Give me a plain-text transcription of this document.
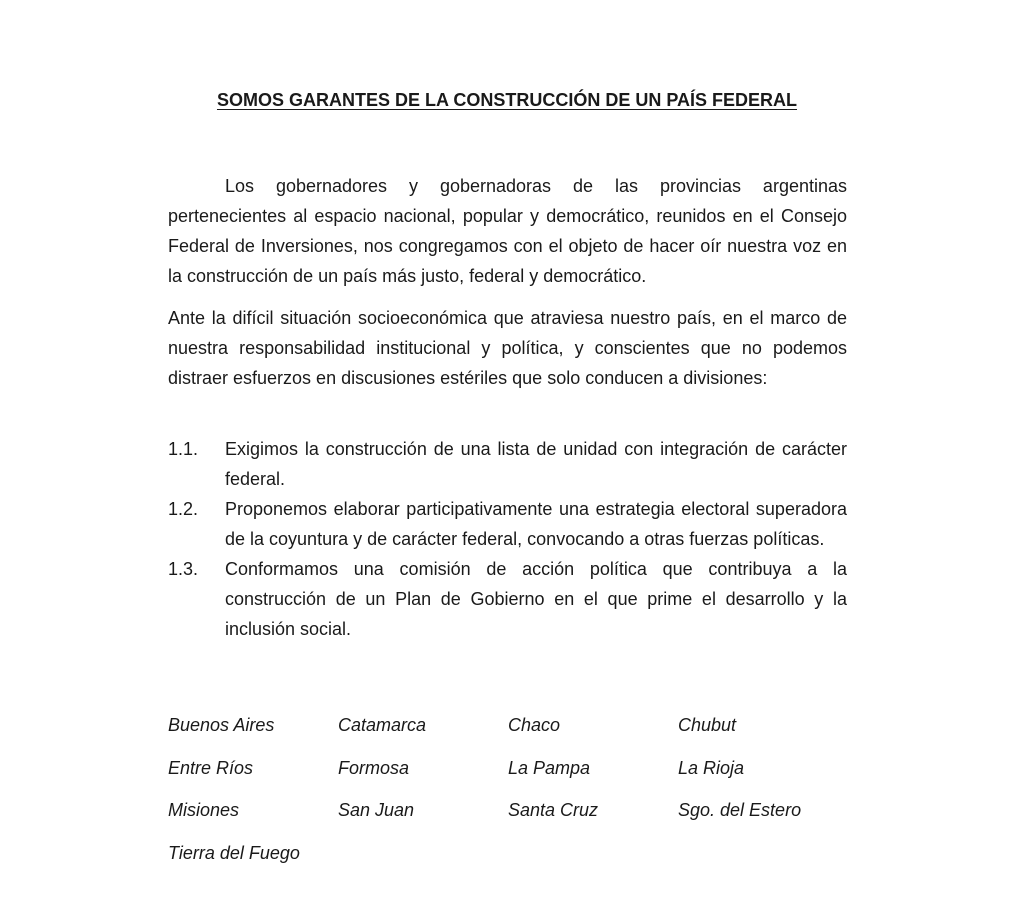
SOMOS GARANTES DE LA CONSTRUCCIÓN DE UN PAÍS FEDERAL

Los gobernadores y gobernadoras de las provincias argentinas pertenecientes al espacio nacional, popular y democrático, reunidos en el Consejo Federal de Inversiones, nos congregamos con el objeto de hacer oír nuestra voz en la construcción de un país más justo, federal y democrático.

Ante la difícil situación socioeconómica que atraviesa nuestro país, en el marco de nuestra responsabilidad institucional y política, y conscientes que no podemos distraer esfuerzos en discusiones estériles que solo conducen a divisiones:

1.1.	Exigimos la construcción de una lista de unidad con integración de carácter federal.
1.2.	Proponemos elaborar participativamente una estrategia electoral superadora de la coyuntura y de carácter federal, convocando a otras fuerzas políticas.
1.3.	Conformamos una comisión de acción política que contribuya a la construcción de un Plan de Gobierno en el que prime el desarrollo y la inclusión social.
Buenos Aires	Catamarca	Chaco	Chubut
Entre Ríos	Formosa	La Pampa	La Rioja
Misiones	San Juan	Santa Cruz	Sgo. del Estero
Tierra del Fuego
